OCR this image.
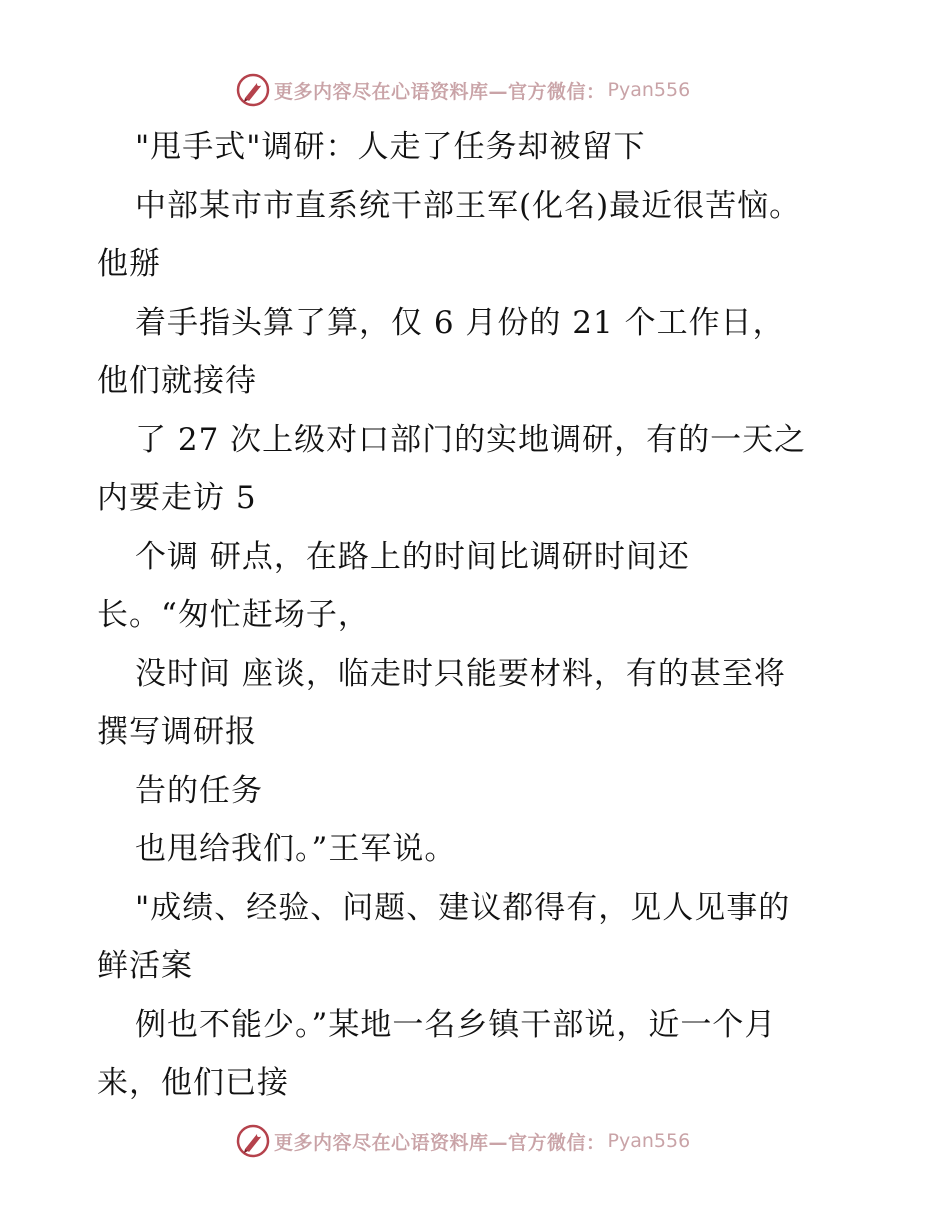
更多内容尽在心语资料库—官方微信： Pyan556
"甩手式"调研：人走了任务却被留下
中部某市市直系统干部王军(化名)最近很苦恼。
他掰
着手指头算了算，仅 6 月份的 21 个工作日，
他们就接待
了 27 次上级对口部门的实地调研，有的一天之
内要走访 5
个调 研点，在路上的时间比调研时间还
长。“匆忙赶场子，
没时间 座谈，临走时只能要材料，有的甚至将
撰写调研报
告的任务
也甩给我们。”王军说。
"成绩、经验、问题、建议都得有，见人见事的
鲜活案
例也不能少。”某地一名乡镇干部说，近一个月
来，他们已接
更多内容尽在心语资料库—官方微信： Pyan556
